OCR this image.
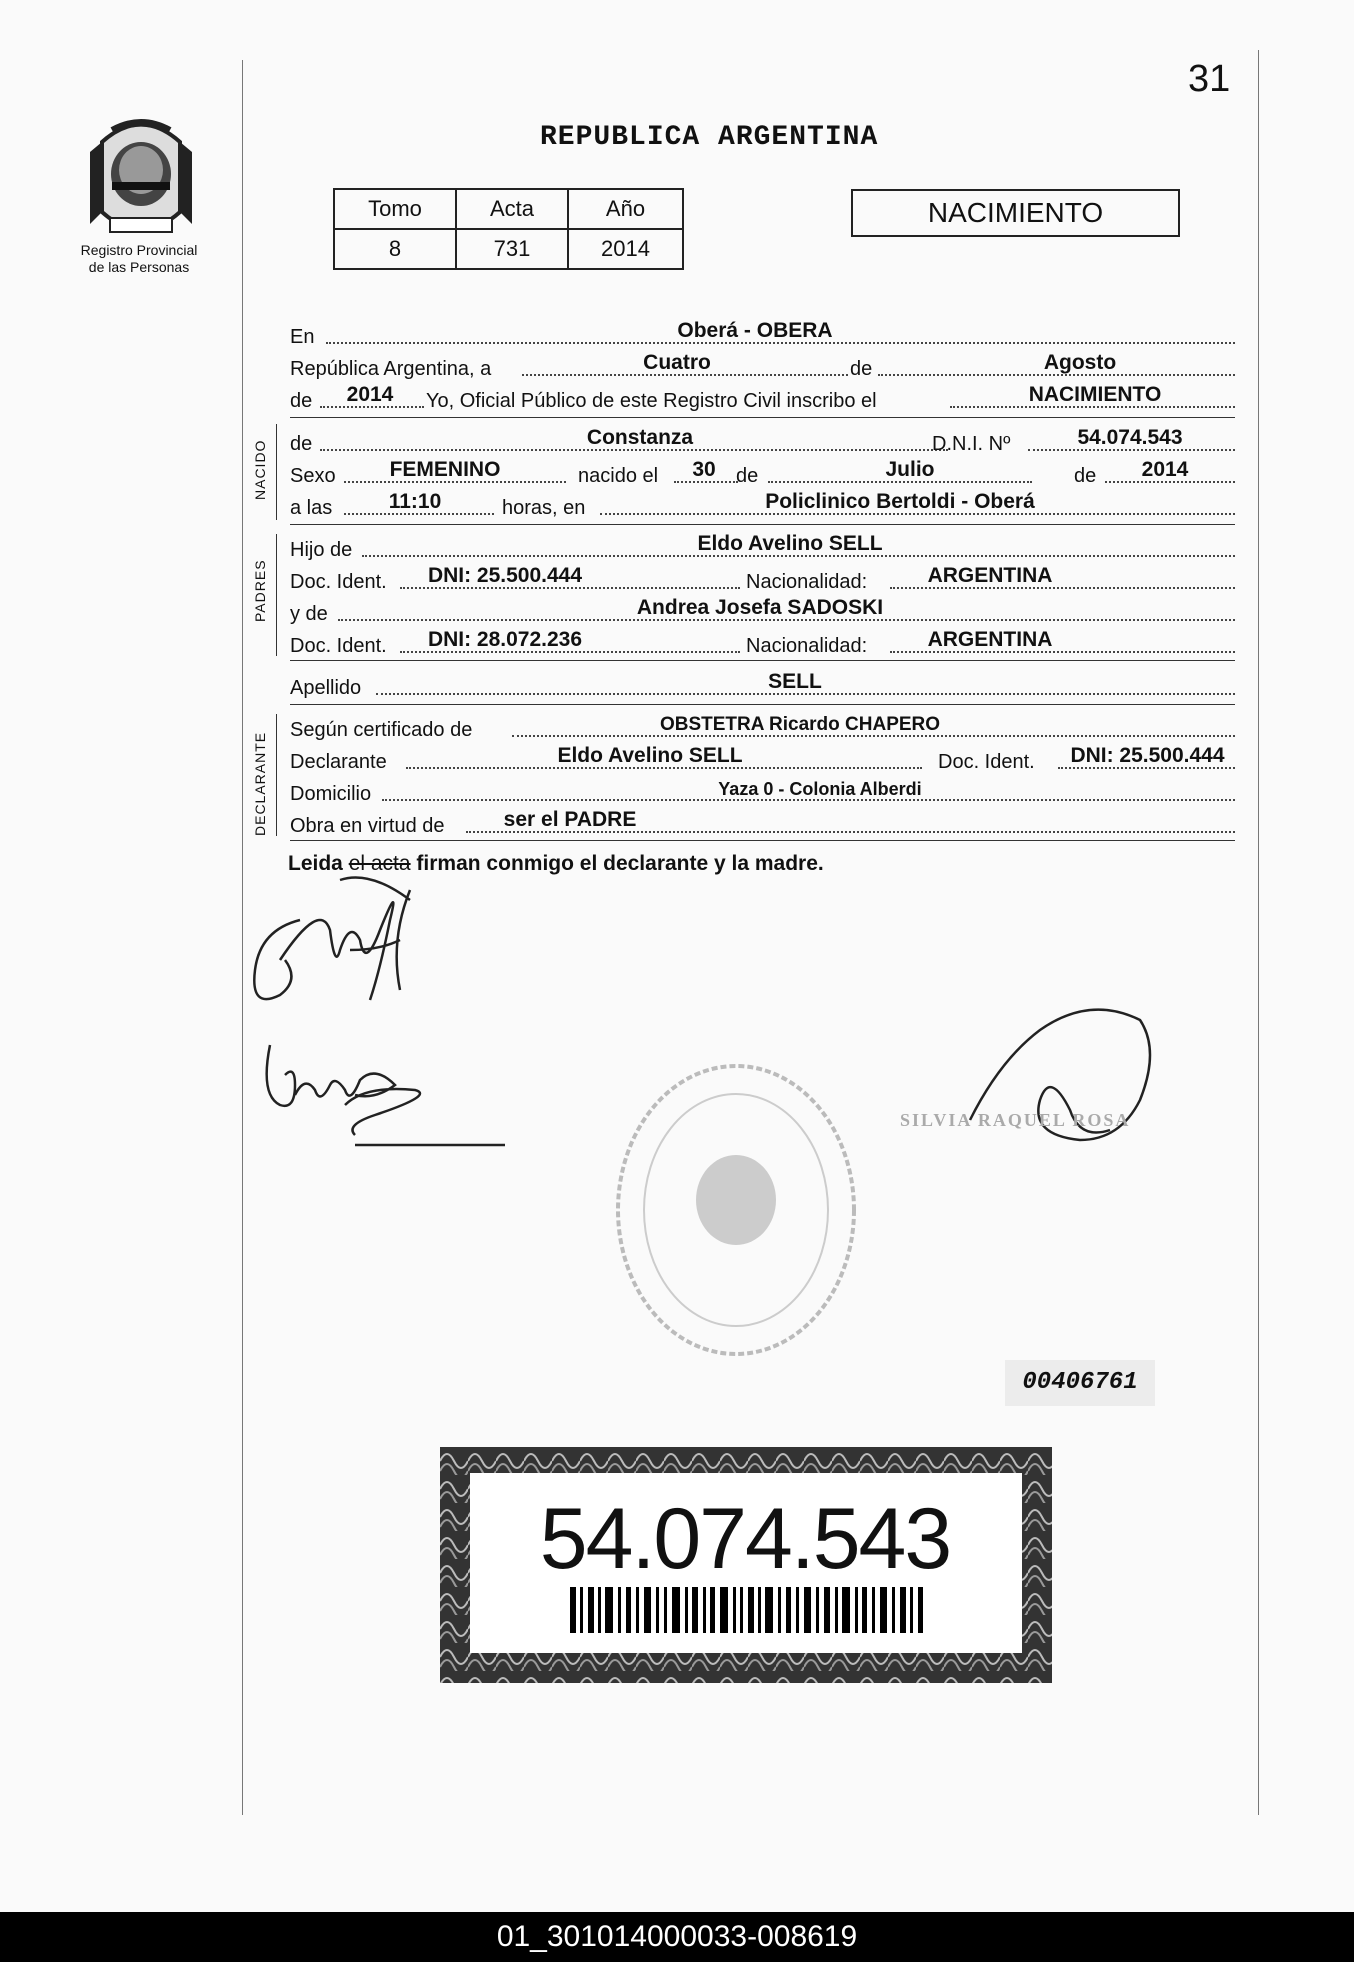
31
Registro Provincial
de las Personas
REPUBLICA ARGENTINA
Tomo	Acta	Año
8	731	2014
NACIMIENTO
En	Oberá - OBERA
República Argentina, a	Cuatro	de	Agosto
de	2014	Yo, Oficial Público de este Registro Civil inscribo el	NACIMIENTO
de	Constanza	D.N.I. Nº	54.074.543
Sexo	FEMENINO	nacido el	30	de	Julio	de	2014
a las	11:10	horas, en	Policlinico Bertoldi - Oberá
NACIDO
Hijo de	Eldo Avelino SELL
Doc. Ident.	DNI: 25.500.444	Nacionalidad:	ARGENTINA
y de	Andrea Josefa SADOSKI
Doc. Ident.	DNI: 28.072.236	Nacionalidad:	ARGENTINA
PADRES
Apellido	SELL
Según certificado de	OBSTETRA Ricardo CHAPERO
Declarante	Eldo Avelino SELL	Doc. Ident.	DNI: 25.500.444
Domicilio	Yaza 0 - Colonia Alberdi
Obra en virtud de	ser el PADRE
DECLARANTE
Leida el acta firman conmigo el declarante y la madre.
SILVIA RAQUEL ROSA
00406761
54.074.543
01_301014000033-008619
